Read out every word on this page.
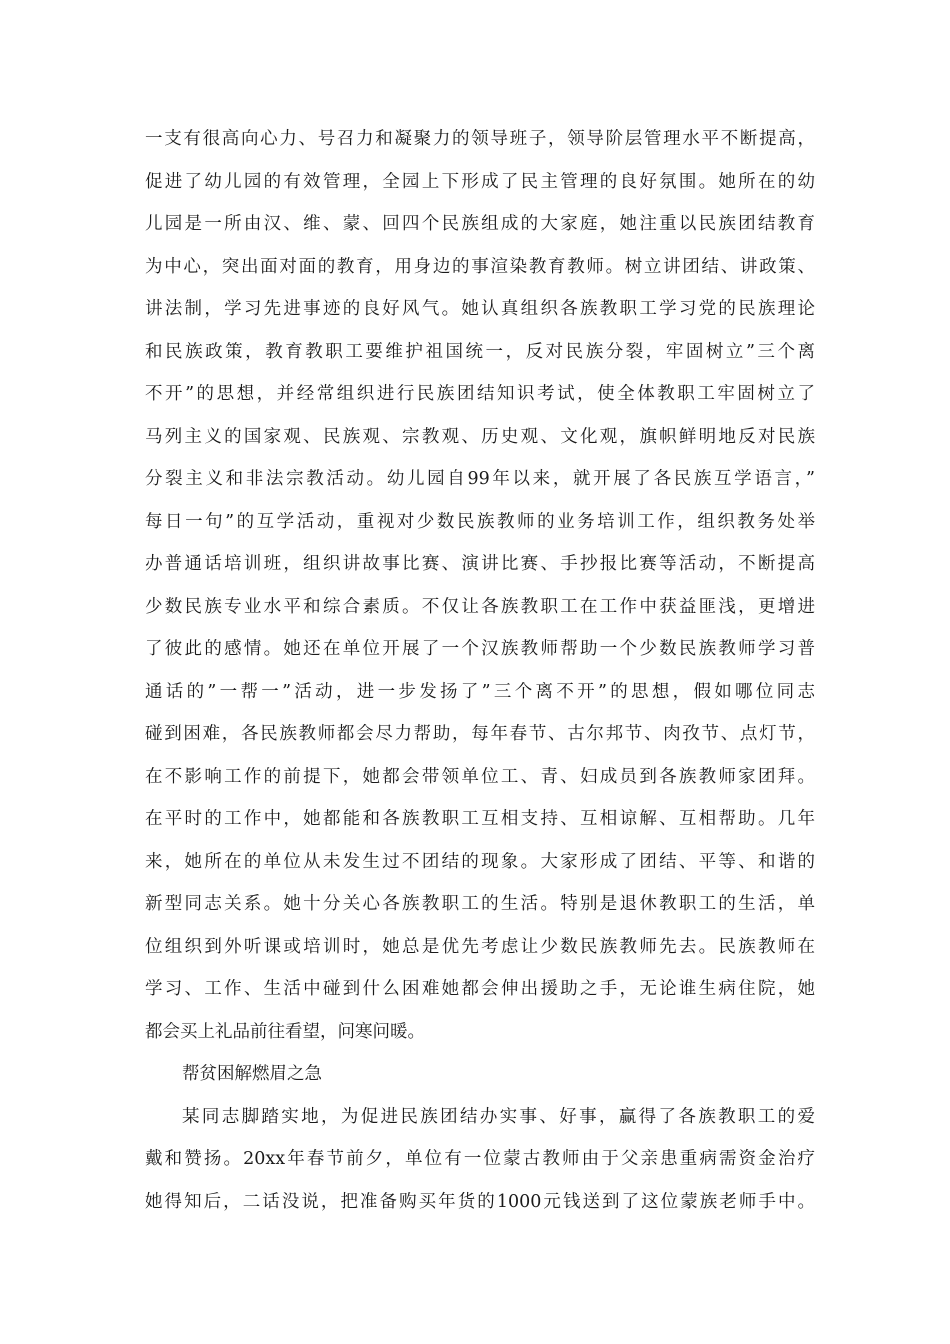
一支有很高向心力、号召力和凝聚力的领导班子，领导阶层管理水平不断提高，
促进了幼儿园的有效管理，全园上下形成了民主管理的良好氛围。她所在的幼
儿园是一所由汉、维、蒙、回四个民族组成的大家庭，她注重以民族团结教育
为中心，突出面对面的教育，用身边的事渲染教育教师。树立讲团结、讲政策、
讲法制，学习先进事迹的良好风气。她认真组织各族教职工学习党的民族理论
和民族政策，教育教职工要维护祖国统一，反对民族分裂，牢固树立”三个离
不开”的思想，并经常组织进行民族团结知识考试，使全体教职工牢固树立了
马列主义的国家观、民族观、宗教观、历史观、文化观，旗帜鲜明地反对民族
分裂主义和非法宗教活动。幼儿园自99年以来，就开展了各民族互学语言，”
每日一句”的互学活动，重视对少数民族教师的业务培训工作，组织教务处举
办普通话培训班，组织讲故事比赛、演讲比赛、手抄报比赛等活动，不断提高
少数民族专业水平和综合素质。不仅让各族教职工在工作中获益匪浅，更增进
了彼此的感情。她还在单位开展了一个汉族教师帮助一个少数民族教师学习普
通话的”一帮一”活动，进一步发扬了”三个离不开”的思想，假如哪位同志
碰到困难，各民族教师都会尽力帮助，每年春节、古尔邦节、肉孜节、点灯节，
在不影响工作的前提下，她都会带领单位工、青、妇成员到各族教师家团拜。
在平时的工作中，她都能和各族教职工互相支持、互相谅解、互相帮助。几年
来，她所在的单位从未发生过不团结的现象。大家形成了团结、平等、和谐的
新型同志关系。她十分关心各族教职工的生活。特别是退休教职工的生活，单
位组织到外听课或培训时，她总是优先考虑让少数民族教师先去。民族教师在
学习、工作、生活中碰到什么困难她都会伸出援助之手，无论谁生病住院，她
都会买上礼品前往看望，问寒问暖。
帮贫困解燃眉之急
某同志脚踏实地，为促进民族团结办实事、好事，赢得了各族教职工的爱
戴和赞扬。20xx年春节前夕，单位有一位蒙古教师由于父亲患重病需资金治疗
她得知后，二话没说，把准备购买年货的1000元钱送到了这位蒙族老师手中。
